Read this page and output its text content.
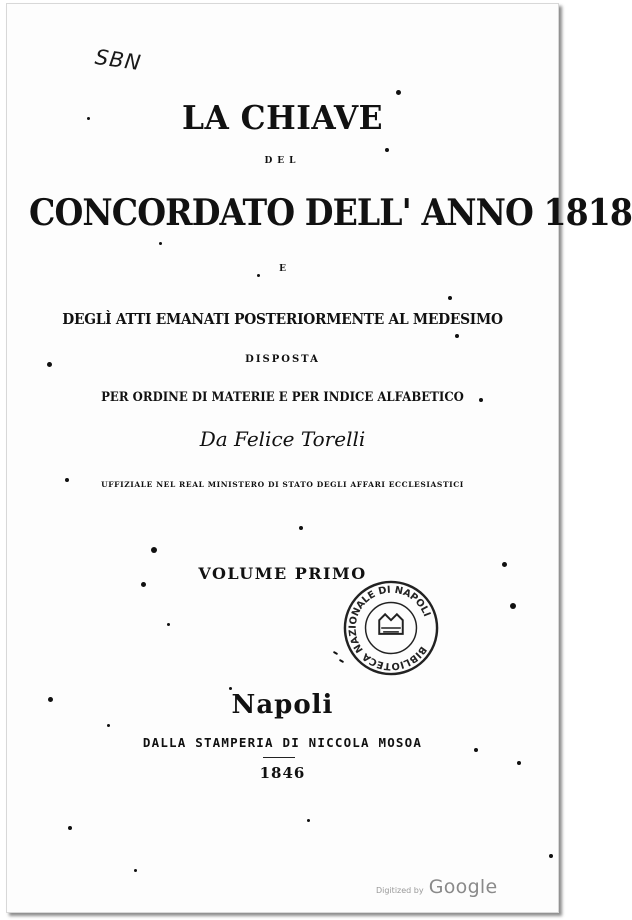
SBN
LA CHIAVE
DEL
CONCORDATO DELL' ANNO 1818
E
DEGLÌ ATTI EMANATI POSTERIORMENTE AL MEDESIMO
DISPOSTA
PER ORDINE DI MATERIE E PER INDICE ALFABETICO
Da Felice Torelli
UFFIZIALE NEL REAL MINISTERO DI STATO DEGLI AFFARI ECCLESIASTICI
VOLUME PRIMO
BIBLIOTECA NAZIONALE DI NAPOLI
Napoli
DALLA STAMPERIA DI NICCOLA MOSOA
1846
Digitized by Google
